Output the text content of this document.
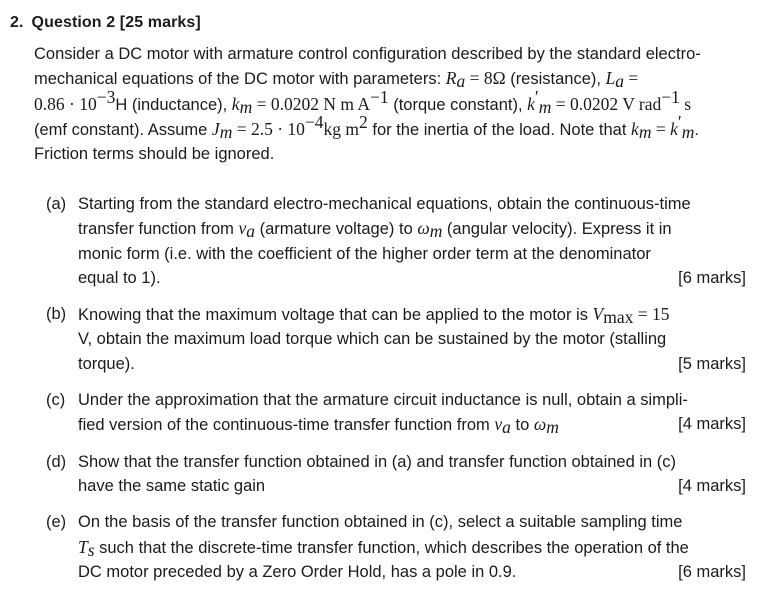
2. Question 2 [25 marks]
Consider a DC motor with armature control configuration described by the standard electro-
mechanical equations of the DC motor with parameters: $R_a = 8\Omega$ (resistance), $L_a$ =
$0.86 \cdot 10^{-3}H$ (inductance), $k_m = 0.0202$ N m $A^{-1}$ (torque constant), $k'_m = 0.0202$ V rad$^{-1}$ s
(emf constant). Assume $J_m = 2.5 \cdot 10^{-4}kg$ $m^2$ for the inertia of the load. Note that $k_m = k'_m$.
Friction terms should be ignored.
(a) Starting from the standard electro-mechanical equations, obtain the continuous-time
transfer function from $v_a$ (armature voltage) to $\omega_m$ (angular velocity). Express it in
monic form (i.e. with the coefficient of the higher order term at the denominator

[6 marks]
equal to 1).
(b) Knowing that the maximum voltage that can be applied to the motor is $V_{max} = 15$
V, obtain the maximum load torque which can be sustained by the motor (stalling

[5 marks]
torque).
(c) Under the approximation that the armature circuit inductance is null, obtain a simpli-

[4 marks]
fied version of the continuous-time transfer function from $v_a$ to $\omega_m$
(d) Show that the transfer function obtained in (a) and transfer function obtained in (c)

[4 marks]
have the same static gain
(e) On the basis of the transfer function obtained in (c), select a suitable sampling time
$T_s$ such that the discrete-time transfer function, which describes the operation of the

[6 marks]
DC motor preceded by a Zero Order Hold, has a pole in 0.9.
